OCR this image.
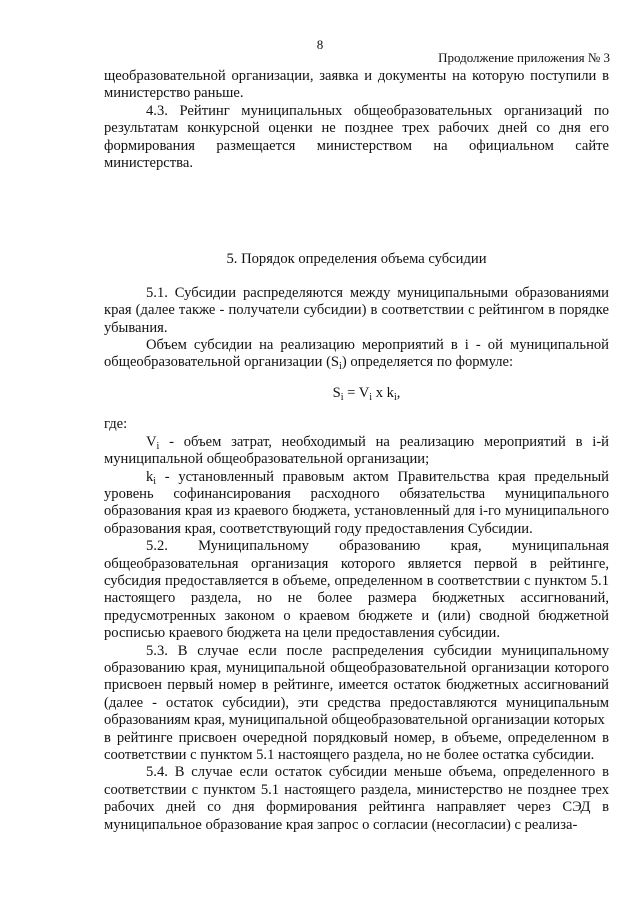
8
Продолжение приложения № 3

щеобразовательной организации, заявка и документы на которую поступили в министерство раньше.

4.3. Рейтинг муниципальных общеобразовательных организаций по результатам конкурсной оценки не позднее трех рабочих дней со дня его формирования размещается министерством на официальном сайте министерства.

5. Порядок определения объема субсидии

5.1. Субсидии распределяются между муниципальными образованиями края (далее также - получатели субсидии) в соответствии с рейтингом в порядке убывания.

Объем субсидии на реализацию мероприятий в i - ой муниципальной общеобразовательной организации $(S_i)$ определяется по формуле:

$S_i = V_i$ x $k_i$,

где:

$V_i$ - объем затрат, необходимый на реализацию мероприятий в i-й муниципальной общеобразовательной организации;

$k_i$ - установленный правовым актом Правительства края предельный уровень софинансирования расходного обязательства муниципального образования края из краевого бюджета, установленный для i-го муниципального образования края, соответствующий году предоставления Субсидии.

5.2. Муниципальному образованию края, муниципальная общеобразовательная организация которого является первой в рейтинге, субсидия предоставляется в объеме, определенном в соответствии с пунктом 5.1 настоящего раздела, но не более размера бюджетных ассигнований, предусмотренных законом о краевом бюджете и (или) сводной бюджетной росписью краевого бюджета на цели предоставления субсидии.

5.3. В случае если после распределения субсидии муниципальному образованию края, муниципальной общеобразовательной организации которого присвоен первый номер в рейтинге, имеется остаток бюджетных ассигнований (далее - остаток субсидии), эти средства предоставляются муниципальным образованиям края, муниципальной общеобразовательной организации которых

в рейтинге присвоен очередной порядковый номер, в объеме, определенном в соответствии с пунктом 5.1 настоящего раздела, но не более остатка субсидии.

5.4. В случае если остаток субсидии меньше объема, определенного в соответствии с пунктом 5.1 настоящего раздела, министерство не позднее трех рабочих дней со дня формирования рейтинга направляет через СЭД в муниципальное образование края запрос о согласии (несогласии) с реализа-
